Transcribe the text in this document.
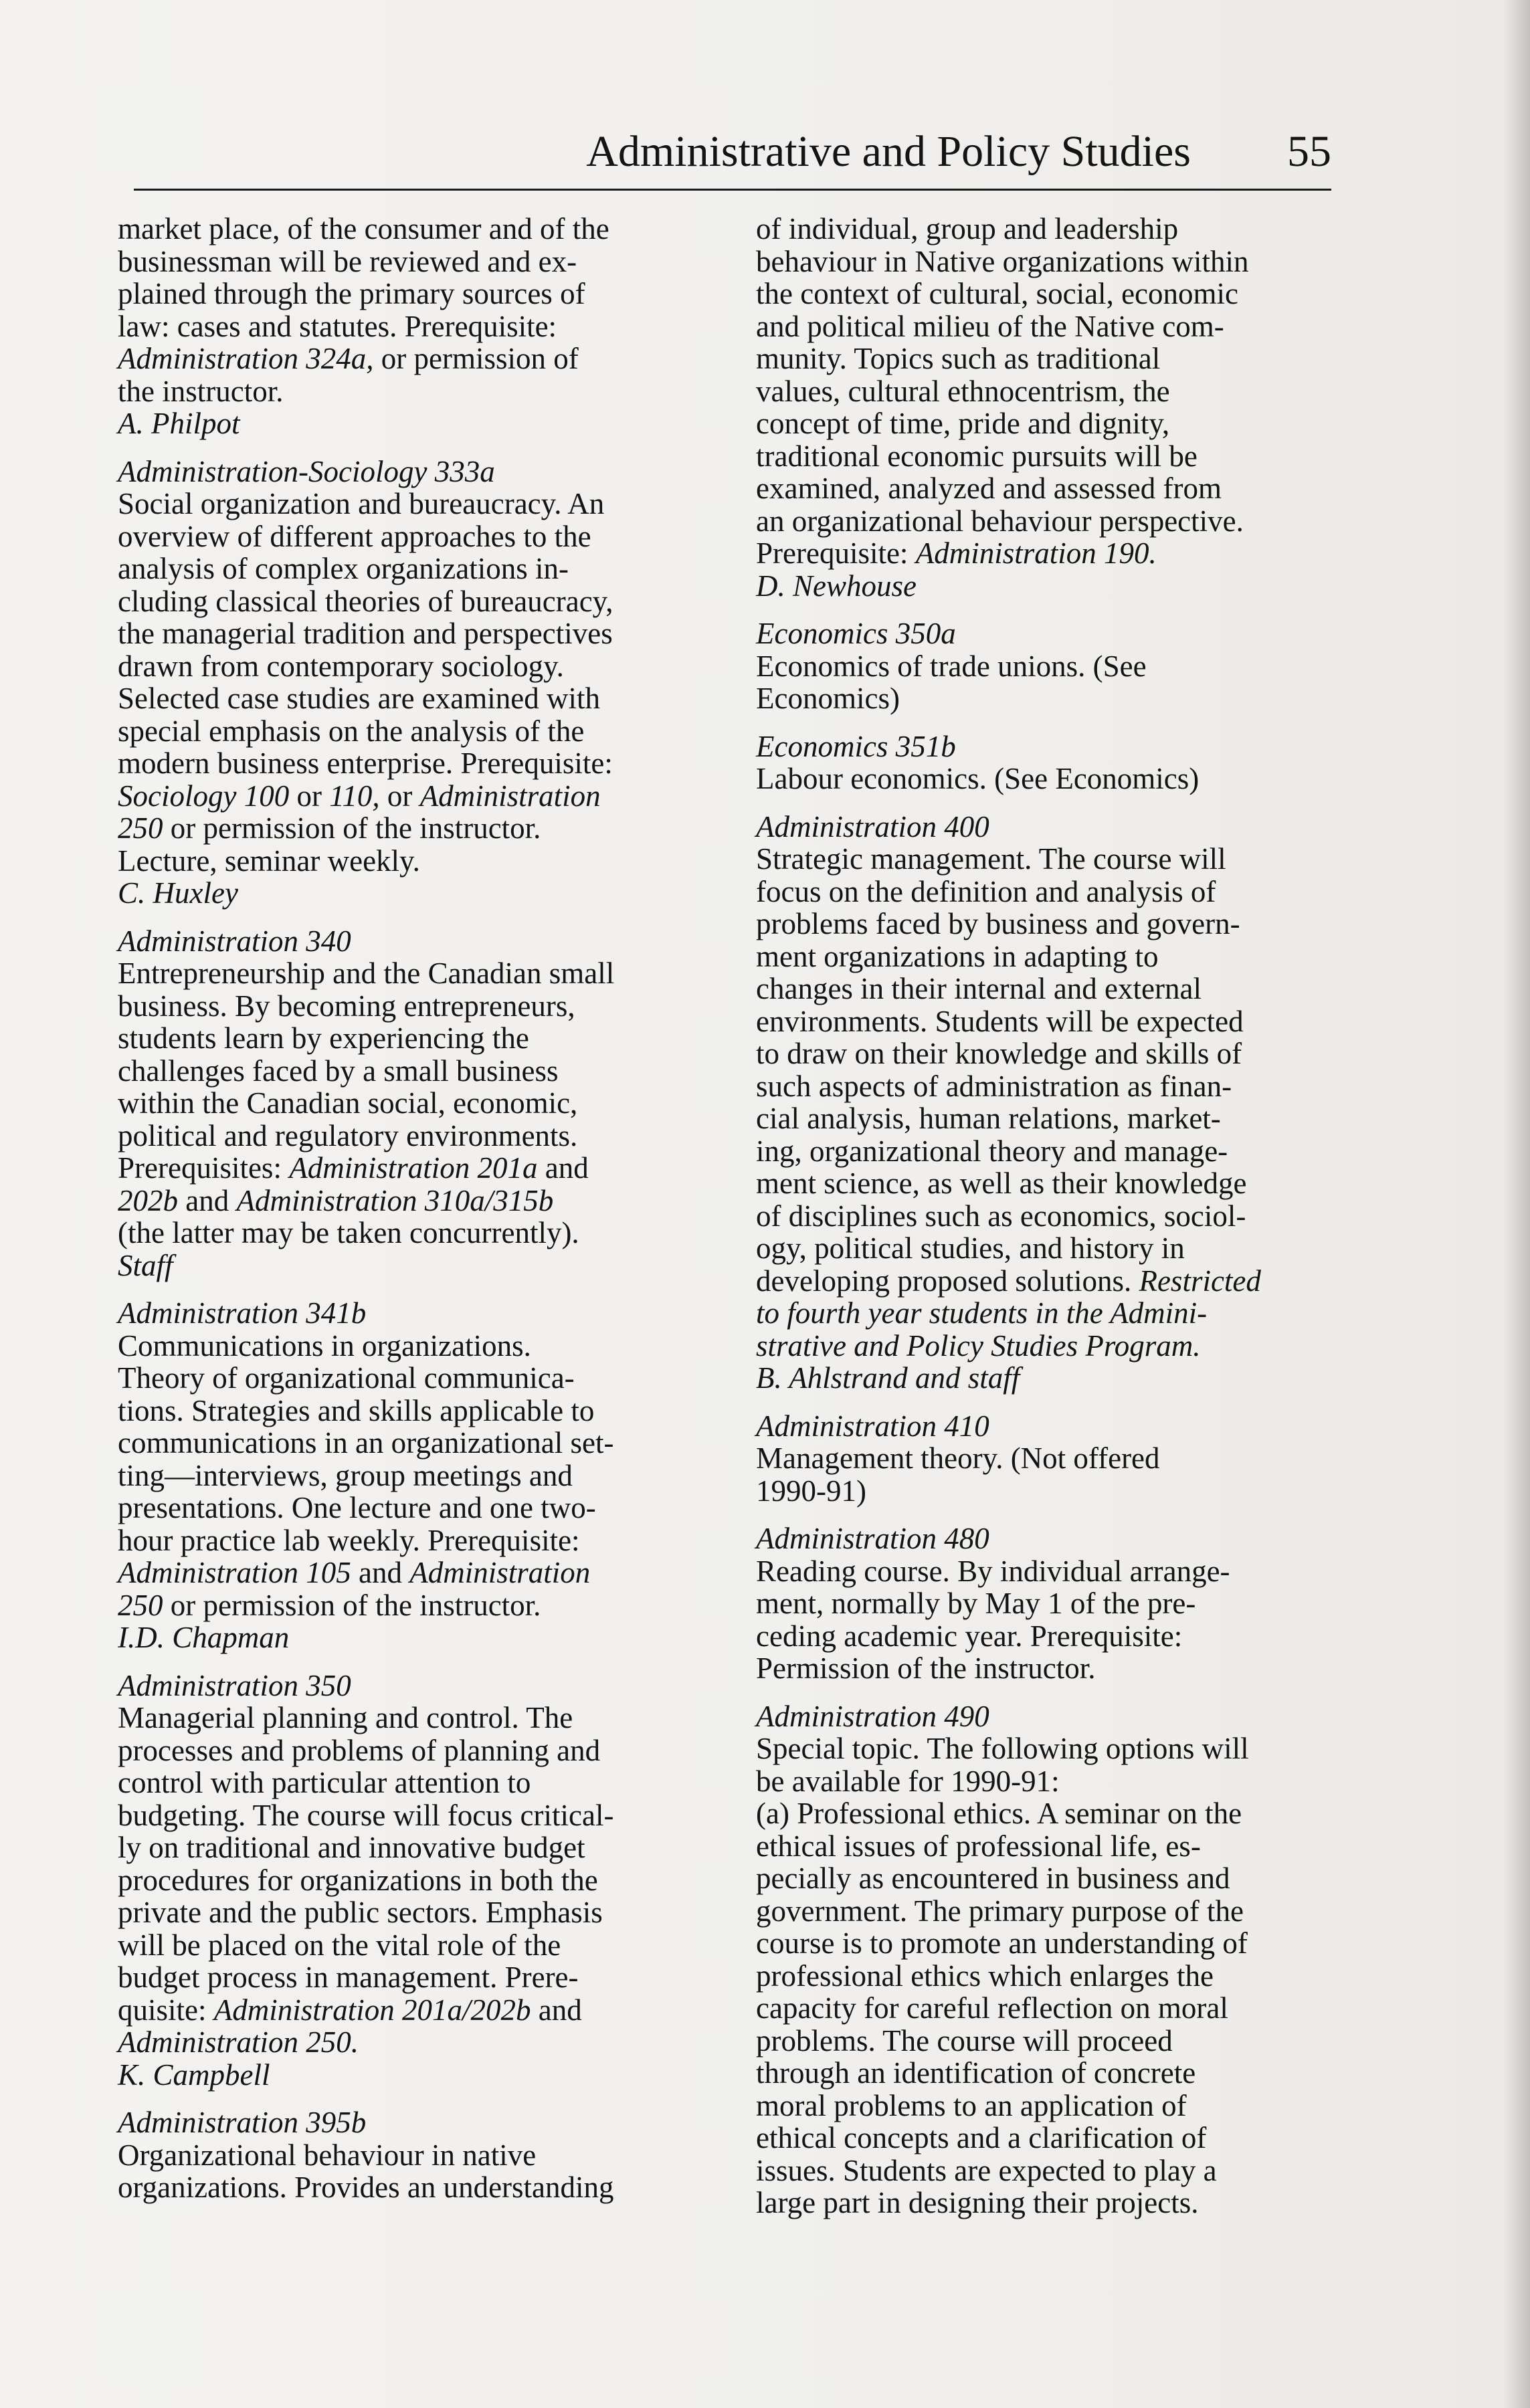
Administrative and Policy Studies 55
market place, of the consumer and of the
businessman will be reviewed and ex-
plained through the primary sources of
law: cases and statutes. Prerequisite:
Administration 324a, or permission of
the instructor.
A. Philpot
Administration-Sociology 333a
Social organization and bureaucracy. An
overview of different approaches to the
analysis of complex organizations in-
cluding classical theories of bureaucracy,
the managerial tradition and perspectives
drawn from contemporary sociology.
Selected case studies are examined with
special emphasis on the analysis of the
modern business enterprise. Prerequisite:
Sociology 100 or 110, or Administration
250 or permission of the instructor.
Lecture, seminar weekly.
C. Huxley
Administration 340
Entrepreneurship and the Canadian small
business. By becoming entrepreneurs,
students learn by experiencing the
challenges faced by a small business
within the Canadian social, economic,
political and regulatory environments.
Prerequisites: Administration 201a and
202b and Administration 310a/315b
(the latter may be taken concurrently).
Staff
Administration 341b
Communications in organizations.
Theory of organizational communica-
tions. Strategies and skills applicable to
communications in an organizational set-
ting—interviews, group meetings and
presentations. One lecture and one two-
hour practice lab weekly. Prerequisite:
Administration 105 and Administration
250 or permission of the instructor.
I.D. Chapman
Administration 350
Managerial planning and control. The
processes and problems of planning and
control with particular attention to
budgeting. The course will focus critical-
ly on traditional and innovative budget
procedures for organizations in both the
private and the public sectors. Emphasis
will be placed on the vital role of the
budget process in management. Prere-
quisite: Administration 201a/202b and
Administration 250.
K. Campbell
Administration 395b
Organizational behaviour in native
organizations. Provides an understanding
of individual, group and leadership
behaviour in Native organizations within
the context of cultural, social, economic
and political milieu of the Native com-
munity. Topics such as traditional
values, cultural ethnocentrism, the
concept of time, pride and dignity,
traditional economic pursuits will be
examined, analyzed and assessed from
an organizational behaviour perspective.
Prerequisite: Administration 190.
D. Newhouse
Economics 350a
Economics of trade unions. (See
Economics)
Economics 351b
Labour economics. (See Economics)
Administration 400
Strategic management. The course will
focus on the definition and analysis of
problems faced by business and govern-
ment organizations in adapting to
changes in their internal and external
environments. Students will be expected
to draw on their knowledge and skills of
such aspects of administration as finan-
cial analysis, human relations, market-
ing, organizational theory and manage-
ment science, as well as their knowledge
of disciplines such as economics, sociol-
ogy, political studies, and history in
developing proposed solutions. Restricted
to fourth year students in the Admini-
strative and Policy Studies Program.
B. Ahlstrand and staff
Administration 410
Management theory. (Not offered
1990-91)
Administration 480
Reading course. By individual arrange-
ment, normally by May 1 of the pre-
ceding academic year. Prerequisite:
Permission of the instructor.
Administration 490
Special topic. The following options will
be available for 1990-91:
(a) Professional ethics. A seminar on the
ethical issues of professional life, es-
pecially as encountered in business and
government. The primary purpose of the
course is to promote an understanding of
professional ethics which enlarges the
capacity for careful reflection on moral
problems. The course will proceed
through an identification of concrete
moral problems to an application of
ethical concepts and a clarification of
issues. Students are expected to play a
large part in designing their projects.
